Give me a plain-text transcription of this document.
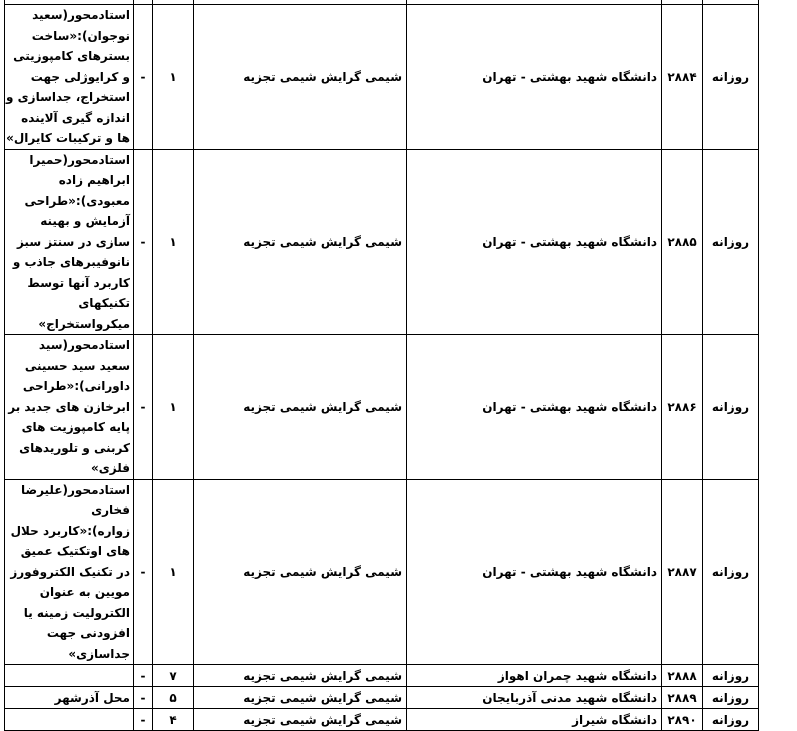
روزانه	۲۸۸۴	دانشگاه شهید بهشتی - تهران	شیمی گرایش شیمی تجزیه	۱	-	استادمحور(سعید نوجوان):«ساخت بسترهای کامپوزیتی و کرایوژلی جهت استخراج، جداسازی و اندازه گیری آلاینده ها و ترکیبات کایرال»
روزانه	۲۸۸۵	دانشگاه شهید بهشتی - تهران	شیمی گرایش شیمی تجزیه	۱	-	استادمحور(حمیرا ابراهیم زاده معبودی):«طراحی آزمایش و بهینه سازی در سنتز سبز نانوفیبرهای جاذب و کاربرد آنها توسط تکنیکهای میکرواستخراج»
روزانه	۲۸۸۶	دانشگاه شهید بهشتی - تهران	شیمی گرایش شیمی تجزیه	۱	-	استادمحور(سید سعید سید حسینی داورانی):«طراحی ابرخازن های جدید بر پایه کامپوزیت های کربنی و تلوریدهای فلزی»
روزانه	۲۸۸۷	دانشگاه شهید بهشتی - تهران	شیمی گرایش شیمی تجزیه	۱	-	استادمحور(علیرضا فخاری زواره):«کاربرد حلال های اوتکتیک عمیق در تکنیک الکتروفورز مویین به عنوان الکترولیت زمینه یا افزودنی جهت جداسازی»
روزانه	۲۸۸۸	دانشگاه شهید چمران اهواز	شیمی گرایش شیمی تجزیه	۷	-	
روزانه	۲۸۸۹	دانشگاه شهید مدنی آذربایجان	شیمی گرایش شیمی تجزیه	۵	-	محل آذرشهر
روزانه	۲۸۹۰	دانشگاه شیراز	شیمی گرایش شیمی تجزیه	۴	-	
